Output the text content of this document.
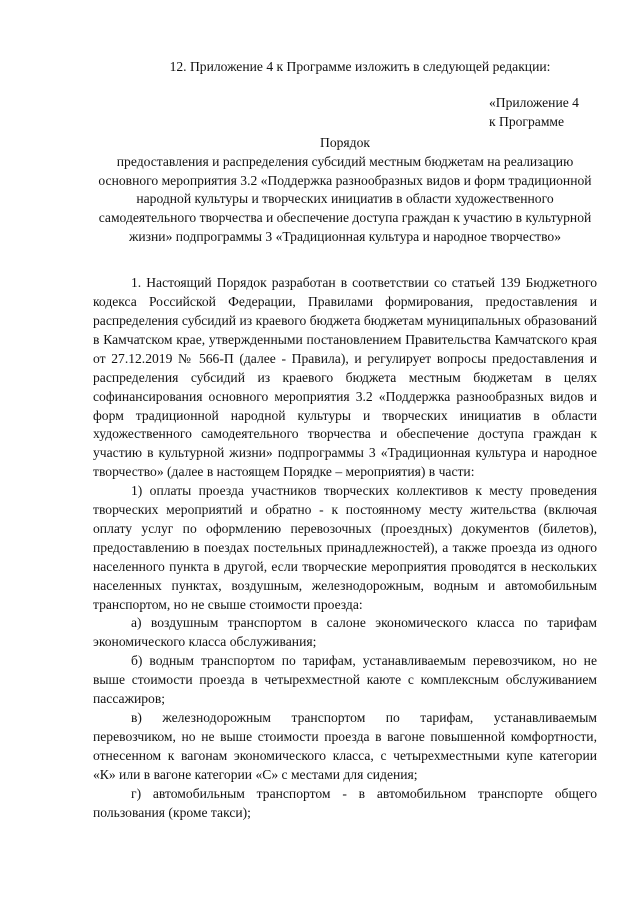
12. Приложение 4 к Программе изложить в следующей редакции:

«Приложение 4
к Программе
Порядок
предоставления и распределения субсидий местным бюджетам на реализацию основного мероприятия 3.2 «Поддержка разнообразных видов и форм традиционной народной культуры и творческих инициатив в области художественного самодеятельного творчества и обеспечение доступа граждан к участию в культурной жизни» подпрограммы 3 «Традиционная культура и народное творчество»

1. Настоящий Порядок разработан в соответствии со статьей 139 Бюджетного кодекса Российской Федерации, Правилами формирования, предоставления и распределения субсидий из краевого бюджета бюджетам муниципальных образований в Камчатском крае, утвержденными постановлением Правительства Камчатского края от 27.12.2019 № 566-П (далее - Правила), и регулирует вопросы предоставления и распределения субсидий из краевого бюджета местным бюджетам в целях софинансирования основного мероприятия 3.2 «Поддержка разнообразных видов и форм традиционной народной культуры и творческих инициатив в области художественного самодеятельного творчества и обеспечение доступа граждан к участию в культурной жизни» подпрограммы 3 «Традиционная культура и народное творчество» (далее в настоящем Порядке – мероприятия) в части:

1) оплаты проезда участников творческих коллективов к месту проведения творческих мероприятий и обратно - к постоянному месту жительства (включая оплату услуг по оформлению перевозочных (проездных) документов (билетов), предоставлению в поездах постельных принадлежностей), а также проезда из одного населенного пункта в другой, если творческие мероприятия проводятся в нескольких населенных пунктах, воздушным, железнодорожным, водным и автомобильным транспортом, но не свыше стоимости проезда:

а) воздушным транспортом в салоне экономического класса по тарифам экономического класса обслуживания;

б) водным транспортом по тарифам, устанавливаемым перевозчиком, но не выше стоимости проезда в четырехместной каюте с комплексным обслуживанием пассажиров;

в) железнодорожным транспортом по тарифам, устанавливаемым перевозчиком, но не выше стоимости проезда в вагоне повышенной комфортности, отнесенном к вагонам экономического класса, с четырехместными купе категории «К» или в вагоне категории «С» с местами для сидения;

г) автомобильным транспортом - в автомобильном транспорте общего пользования (кроме такси);
